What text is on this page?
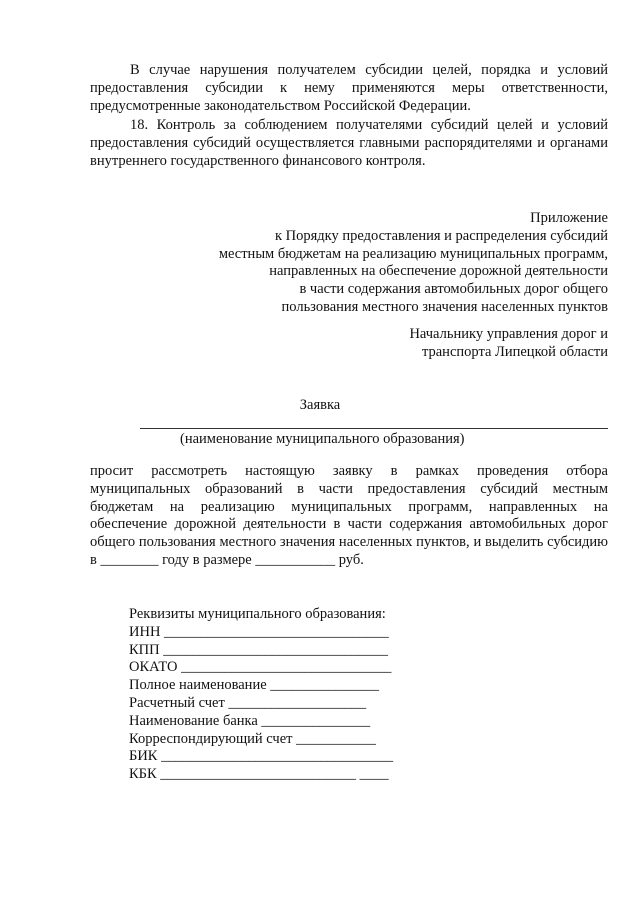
В случае нарушения получателем субсидии целей, порядка и условий предоставления субсидии к нему применяются меры ответственности, предусмотренные законодательством Российской Федерации.

18. Контроль за соблюдением получателями субсидий целей и условий предоставления субсидий осуществляется главными распорядителями и органами внутреннего государственного финансового контроля.

Приложение
к Порядку предоставления и распределения субсидий
местным бюджетам на реализацию муниципальных программ,
направленных на обеспечение дорожной деятельности
в части содержания автомобильных дорог общего
пользования местного значения населенных пунктов
Начальнику управления дорог и
транспорта Липецкой области
Заявка
(наименование муниципального образования)

просит рассмотреть настоящую заявку в рамках проведения отбора муниципальных образований в части предоставления субсидий местным бюджетам на реализацию муниципальных программ, направленных на обеспечение дорожной деятельности в части содержания автомобильных дорог общего пользования местного значения населенных пунктов, и выделить субсидию в ________ году в размере ___________ руб.

Реквизиты муниципального образования:
ИНН _______________________________
КПП _______________________________
ОКАТО _____________________________
Полное наименование _______________
Расчетный счет ___________________
Наименование банка _______________
Корреспондирующий счет ___________
БИК ________________________________
КБК ___________________________ ____
